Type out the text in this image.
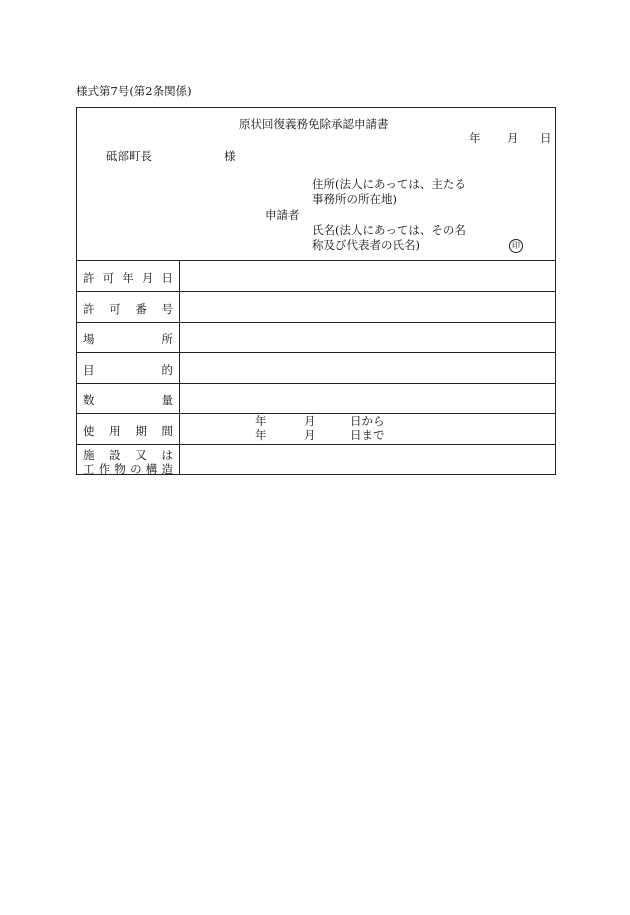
様式第7号(第2条関係)
原状回復義務免除承認申請書
年 月 日
砥部町長	様
申請者
住所(法人にあっては、主たる
事務所の所在地)
氏名(法人にあっては、その名
称及び代表者の氏名)	印
許 可 年 月 日
許 可 番 号
場	所
目	的
数	量
使 用 期 間
年	月	日から
年	月	日まで
施 設 又 は
工 作 物 の 構 造
